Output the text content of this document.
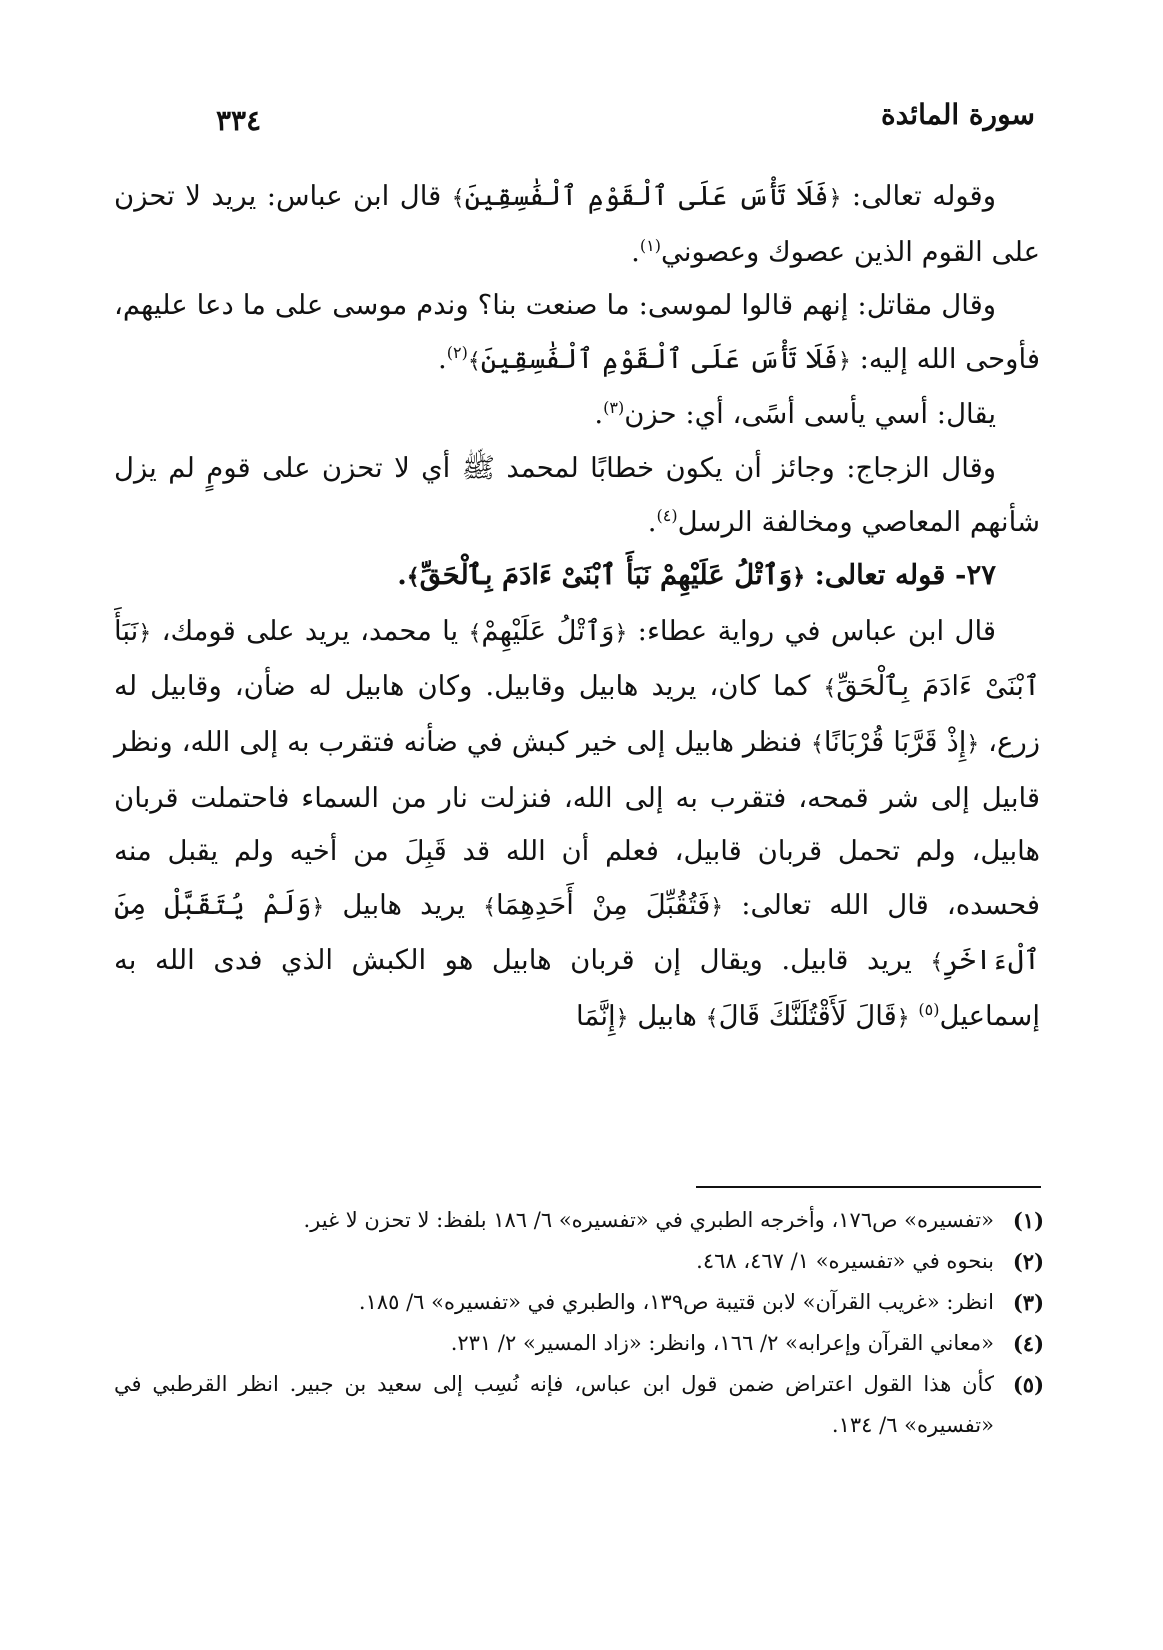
سورة المائدة
٣٣٤

وقوله تعالى: ﴿فَلَا تَأْسَ عَلَى ٱلْقَوْمِ ٱلْفَٰسِقِينَ﴾ قال ابن عباس: يريد لا تحزن على القوم الذين عصوك وعصوني$^{(١)}$.

وقال مقاتل: إنهم قالوا لموسى: ما صنعت بنا؟ وندم موسى على ما دعا عليهم، فأوحى الله إليه: ﴿فَلَا تَأْسَ عَلَى ٱلْقَوْمِ ٱلْفَٰسِقِينَ﴾$^{(٢)}$.

يقال: أسي يأسى أسًى، أي: حزن$^{(٣)}$.

وقال الزجاج: وجائز أن يكون خطابًا لمحمد ﷺ أي لا تحزن على قومٍ لم يزل شأنهم المعاصي ومخالفة الرسل$^{(٤)}$.

٢٧- قوله تعالى: ﴿وَٱتْلُ عَلَيْهِمْ نَبَأَ ٱبْنَىْ ءَادَمَ بِٱلْحَقِّ﴾.

قال ابن عباس في رواية عطاء: ﴿وَٱتْلُ عَلَيْهِمْ﴾ يا محمد، يريد على قومك، ﴿نَبَأَ ٱبْنَىْ ءَادَمَ بِٱلْحَقِّ﴾ كما كان، يريد هابيل وقابيل. وكان هابيل له ضأن، وقابيل له زرع، ﴿إِذْ قَرَّبَا قُرْبَانًا﴾ فنظر هابيل إلى خير كبش في ضأنه فتقرب به إلى الله، ونظر قابيل إلى شر قمحه، فتقرب به إلى الله، فنزلت نار من السماء فاحتملت قربان هابيل، ولم تحمل قربان قابيل، فعلم أن الله قد قَبِلَ من أخيه ولم يقبل منه فحسده، قال الله تعالى: ﴿فَتُقُبِّلَ مِنْ أَحَدِهِمَا﴾ يريد هابيل ﴿وَلَمْ يُتَقَبَّلْ مِنَ ٱلْءَاخَرِ﴾ يريد قابيل. ويقال إن قربان هابيل هو الكبش الذي فدى الله به إسماعيل$^{(٥)}$ ﴿قَالَ لَأَقْتُلَنَّكَ قَالَ﴾ هابيل ﴿إِنَّمَا

(١)
«تفسيره» ص١٧٦، وأخرجه الطبري في «تفسيره» ٦/ ١٨٦ بلفظ: لا تحزن لا غير.
(٢)
بنحوه في «تفسيره» ١/ ٤٦٧، ٤٦٨.
(٣)
انظر: «غريب القرآن» لابن قتيبة ص١٣٩، والطبري في «تفسيره» ٦/ ١٨٥.
(٤)
«معاني القرآن وإعرابه» ٢/ ١٦٦، وانظر: «زاد المسير» ٢/ ٢٣١.
(٥)
كأن هذا القول اعتراض ضمن قول ابن عباس، فإنه نُسِب إلى سعيد بن جبير. انظر القرطبي في «تفسيره» ٦/ ١٣٤.
